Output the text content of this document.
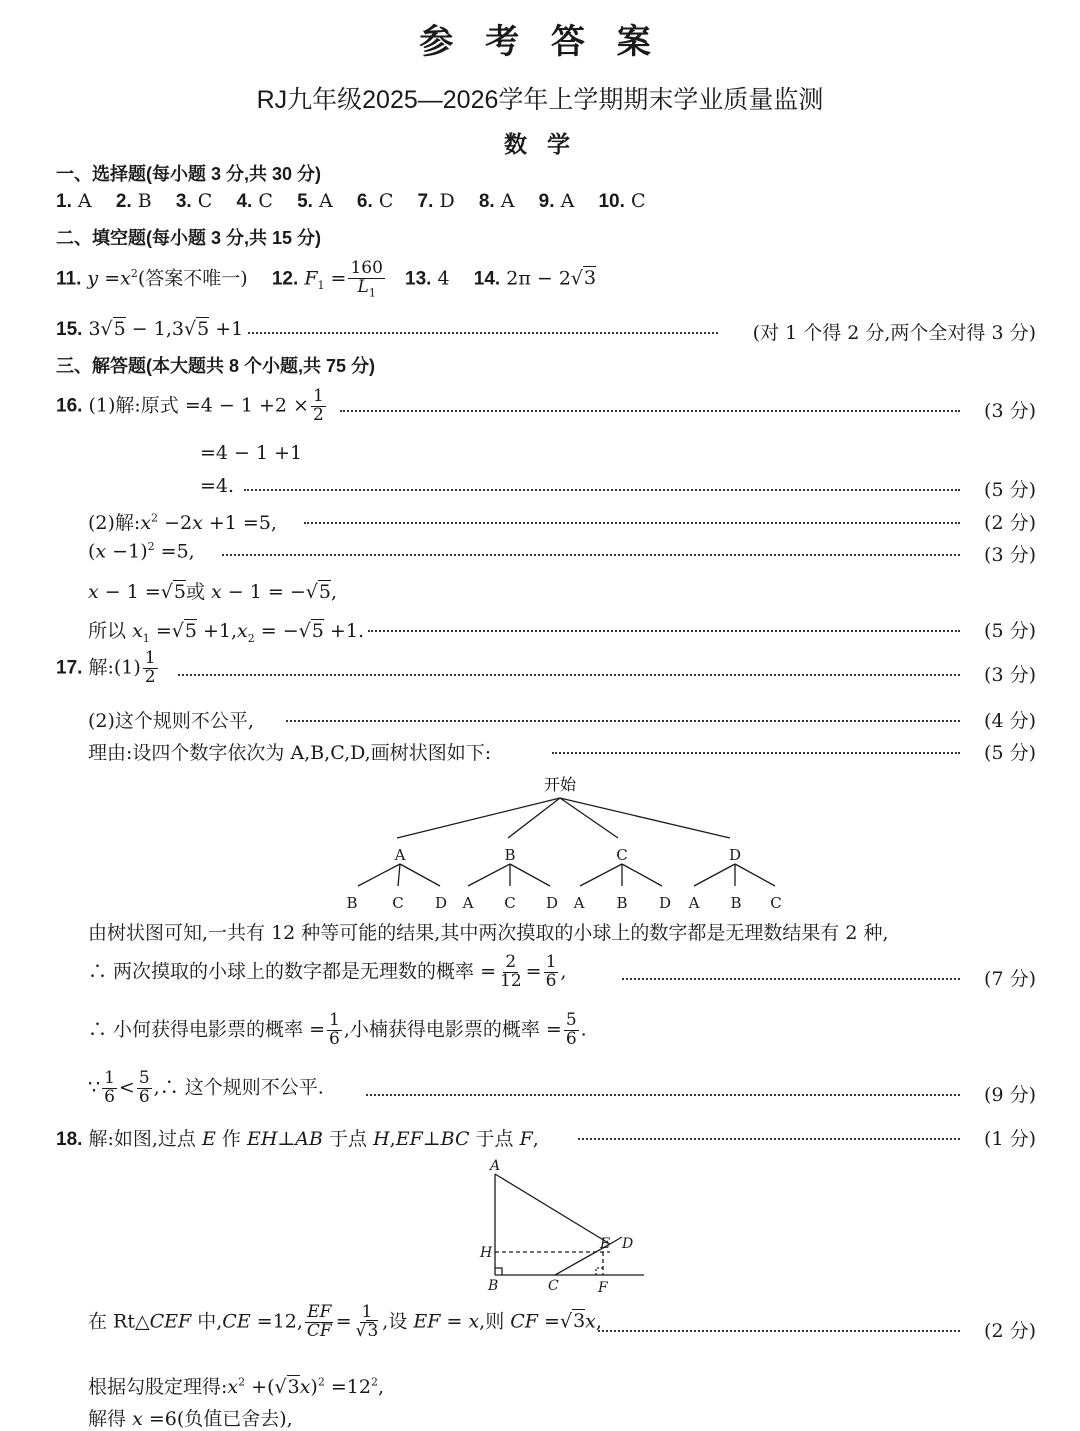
参 考 答 案
RJ九年级2025—2026学年上学期期末学业质量监测
数 学
一、选择题(每小题 3 分,共 30 分)
1. A 2. B 3. C 4. C 5. A 6. C 7. D 8. A 9. A 10. C
二、填空题(每小题 3 分,共 15 分)
11. $y =x^2$(答案不唯一) 12. $F_1 = \frac{160}{L_1} 13$. 4 14. 2π − 2√3
15. 3√5 − 1,3√5 +1	(对 1 个得 2 分,两个全对得 3 分)
三、解答题(本大题共 8 个小题,共 75 分)
16. (1)解:原式 $=4 - 1 +2 \times \frac{1}{2}$	(3 分)
=4 − 1 +1
=4.	(5 分)
(2)解$:x^2 -2x +1 =5$,	(2 分)
$(x -1)^2 =5$,	(3 分)
x − 1 =√5或 x − 1 = −√5,
所以 $x_1 =√5 +1,x_2 = -√5 +1$.	(5 分)
17. 解:(1) $\frac{1}{2}$	(3 分)
(2)这个规则不公平,	(4 分)
理由:设四个数字依次为 A,B,C,D,画树状图如下:	(5 分)
开始
A	B	C	D
B C D A C D A B D A B C
由树状图可知,一共有 12 种等可能的结果,其中两次摸取的小球上的数字都是无理数结果有 2 种,
∴ 两次摸取的小球上的数字都是无理数的概率 = $\frac{2}{12} = \frac{1}{6}$ ,	(7 分)
∴ 小何获得电影票的概率 = $\frac{1}{6}$ ,小楠获得电影票的概率 = $\frac{5}{6}$ .
∵ $\frac{1}{6} < \frac{5}{6}$ ,∴ 这个规则不公平.	(9 分)
18. 解:如图,过点 E 作 EH⊥AB 于点 H,EF⊥BC 于点 F,	(1 分)
A
H
B	C	F
E D
在 Rt△CEF 中,CE =12, $\frac{EF}{CF} = \frac{1}{√3}$ ,设 EF = x,则 CF =√3x,	(2 分)
根据勾股定理得$:x^2 +(√3x)^2 =12^2$,
解得 x =6(负值已舍去),
